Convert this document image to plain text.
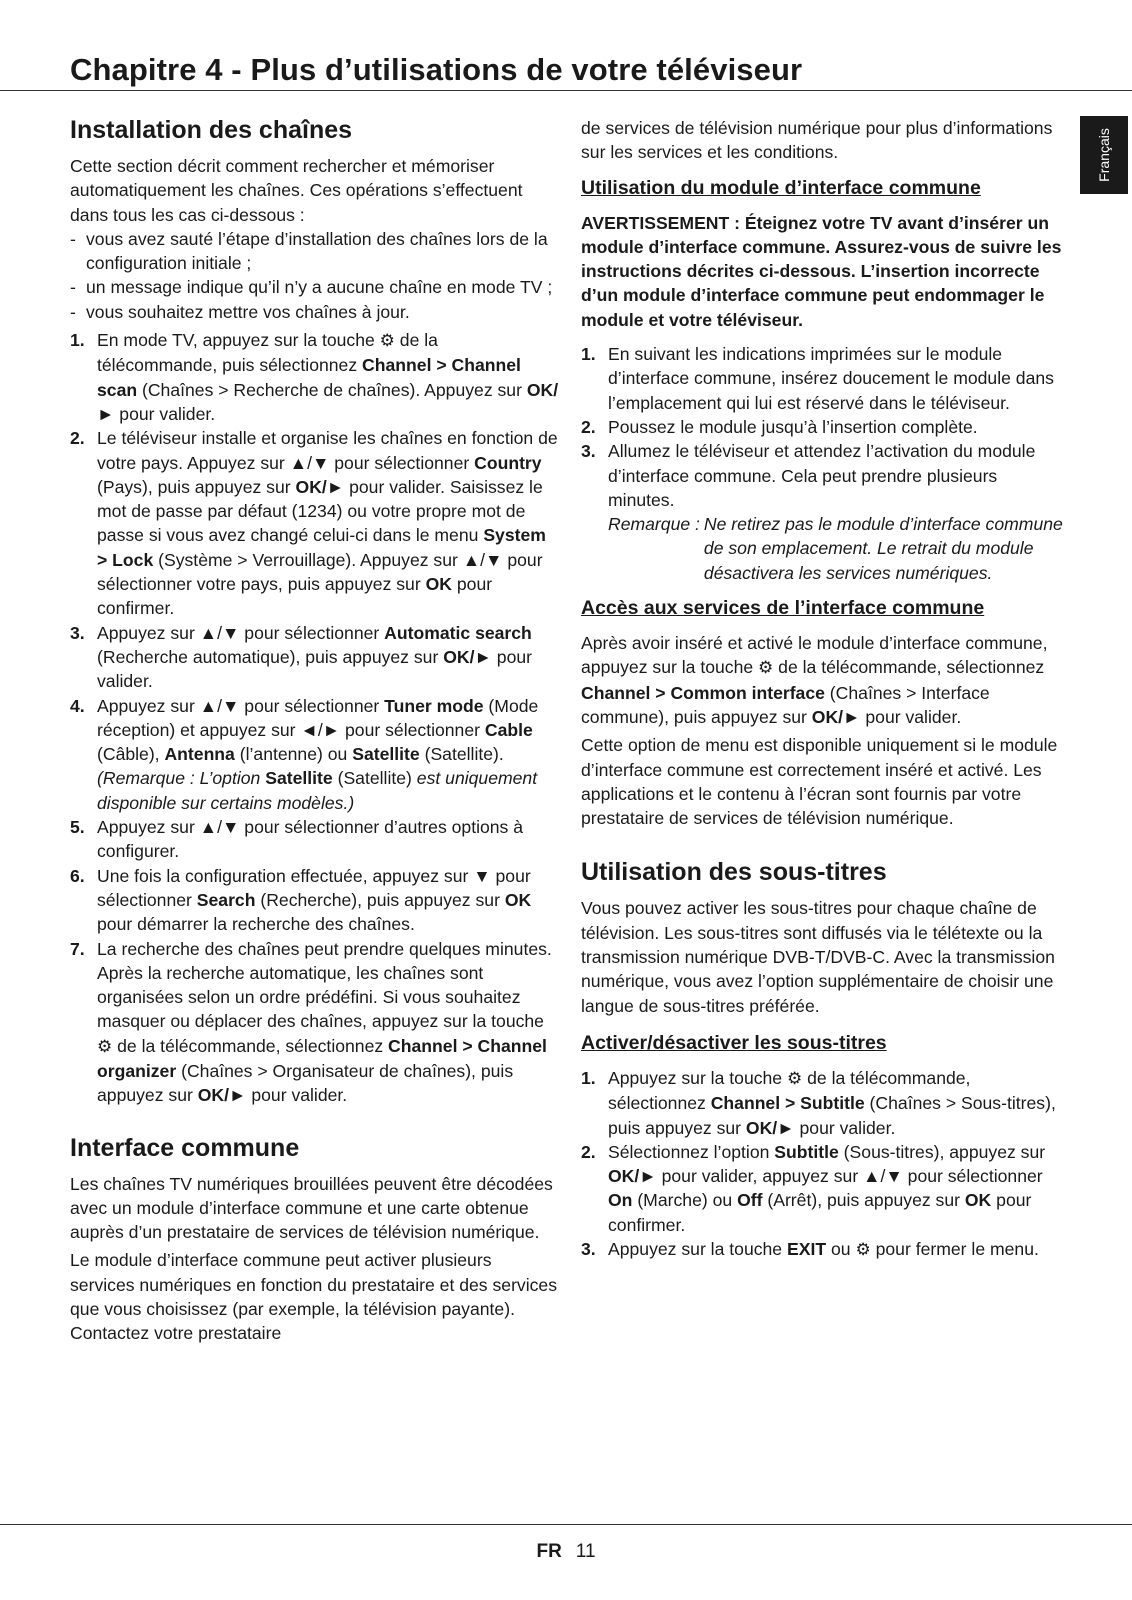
Chapitre 4 - Plus d’utilisations de votre téléviseur
Français
Installation des chaînes

Cette section décrit comment rechercher et mémoriser automatiquement les chaînes. Ces opérations s’effectuent dans tous les cas ci-dessous :

- vous avez sauté l’étape d’installation des chaînes lors de la configuration initiale ;
- un message indique qu’il n’y a aucune chaîne en mode TV ;
- vous souhaitez mettre vos chaînes à jour.
1. En mode TV, appuyez sur la touche ⚙ de la télécommande, puis sélectionnez Channel > Channel scan (Chaînes > Recherche de chaînes). Appuyez sur OK/► pour valider.
2. Le téléviseur installe et organise les chaînes en fonction de votre pays. Appuyez sur ▲/▼ pour sélectionner Country (Pays), puis appuyez sur OK/► pour valider. Saisissez le mot de passe par défaut (1234) ou votre propre mot de passe si vous avez changé celui-ci dans le menu System > Lock (Système > Verrouillage). Appuyez sur ▲/▼ pour sélectionner votre pays, puis appuyez sur OK pour confirmer.
3. Appuyez sur ▲/▼ pour sélectionner Automatic search (Recherche automatique), puis appuyez sur OK/► pour valider.
4. Appuyez sur ▲/▼ pour sélectionner Tuner mode (Mode réception) et appuyez sur ◄/► pour sélectionner Cable (Câble), Antenna (l’antenne) ou Satellite (Satellite). (Remarque : L’option Satellite (Satellite) est uniquement disponible sur certains modèles.)
5. Appuyez sur ▲/▼ pour sélectionner d’autres options à configurer.
6. Une fois la configuration effectuée, appuyez sur ▼ pour sélectionner Search (Recherche), puis appuyez sur OK pour démarrer la recherche des chaînes.
7. La recherche des chaînes peut prendre quelques minutes. Après la recherche automatique, les chaînes sont organisées selon un ordre prédéfini. Si vous souhaitez masquer ou déplacer des chaînes, appuyez sur la touche ⚙ de la télécommande, sélectionnez Channel > Channel organizer (Chaînes > Organisateur de chaînes), puis appuyez sur OK/► pour valider.
Interface commune

Les chaînes TV numériques brouillées peuvent être décodées avec un module d’interface commune et une carte obtenue auprès d’un prestataire de services de télévision numérique.

Le module d’interface commune peut activer plusieurs services numériques en fonction du prestataire et des services que vous choisissez (par exemple, la télévision payante). Contactez votre prestataire

de services de télévision numérique pour plus d’informations sur les services et les conditions.

Utilisation du module d’interface commune

AVERTISSEMENT : Éteignez votre TV avant d’insérer un module d’interface commune. Assurez-vous de suivre les instructions décrites ci-dessous. L’insertion incorrecte d’un module d’interface commune peut endommager le module et votre téléviseur.

1. En suivant les indications imprimées sur le module d’interface commune, insérez doucement le module dans l’emplacement qui lui est réservé dans le téléviseur.
2. Poussez le module jusqu’à l’insertion complète.
3. Allumez le téléviseur et attendez l’activation du module d’interface commune. Cela peut prendre plusieurs minutes.
Remarque : Ne retirez pas le module d’interface commune de son emplacement. Le retrait du module désactivera les services numériques.
Accès aux services de l’interface commune

Après avoir inséré et activé le module d’interface commune, appuyez sur la touche ⚙ de la télécommande, sélectionnez Channel > Common interface (Chaînes > Interface commune), puis appuyez sur OK/► pour valider.

Cette option de menu est disponible uniquement si le module d’interface commune est correctement inséré et activé. Les applications et le contenu à l’écran sont fournis par votre prestataire de services de télévision numérique.

Utilisation des sous-titres

Vous pouvez activer les sous-titres pour chaque chaîne de télévision. Les sous-titres sont diffusés via le télétexte ou la transmission numérique DVB-T/DVB-C. Avec la transmission numérique, vous avez l’option supplémentaire de choisir une langue de sous-titres préférée.

Activer/désactiver les sous-titres
1. Appuyez sur la touche ⚙ de la télécommande, sélectionnez Channel > Subtitle (Chaînes > Sous-titres), puis appuyez sur OK/► pour valider.
2. Sélectionnez l’option Subtitle (Sous-titres), appuyez sur OK/► pour valider, appuyez sur ▲/▼ pour sélectionner On (Marche) ou Off (Arrêt), puis appuyez sur OK pour confirmer.
3. Appuyez sur la touche EXIT ou ⚙ pour fermer le menu.
FR 11
